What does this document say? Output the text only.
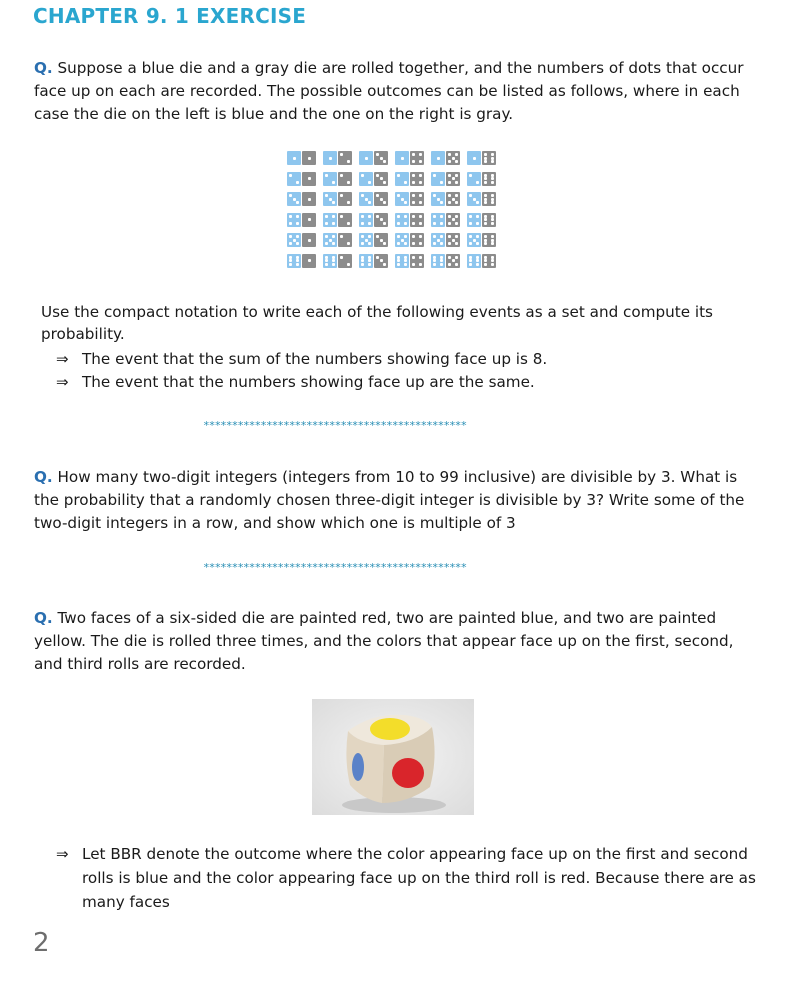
CHAPTER 9. 1 EXERCISE

Q. Suppose a blue die and a gray die are rolled together, and the numbers of dots that occur face up on each are recorded. The possible outcomes can be listed as follows, where in each case the die on the left is blue and the one on the right is gray.

Use the compact notation to write each of the following events as a set and compute its probability.
⇒ The event that the sum of the numbers showing face up is 8.
⇒ The event that the numbers showing face up are the same.
**********************************************

Q. How many two-digit integers (integers from 10 to 99 inclusive) are divisible by 3. What is the probability that a randomly chosen three-digit integer is divisible by 3? Write some of the two-digit integers in a row, and show which one is multiple of 3

**********************************************

Q. Two faces of a six-sided die are painted red, two are painted blue, and two are painted yellow. The die is rolled three times, and the colors that appear face up on the first, second, and third rolls are recorded.

⇒ Let BBR denote the outcome where the color appearing face up on the first and second rolls is blue and the color appearing face up on the third roll is red. Because there are as many faces
2
